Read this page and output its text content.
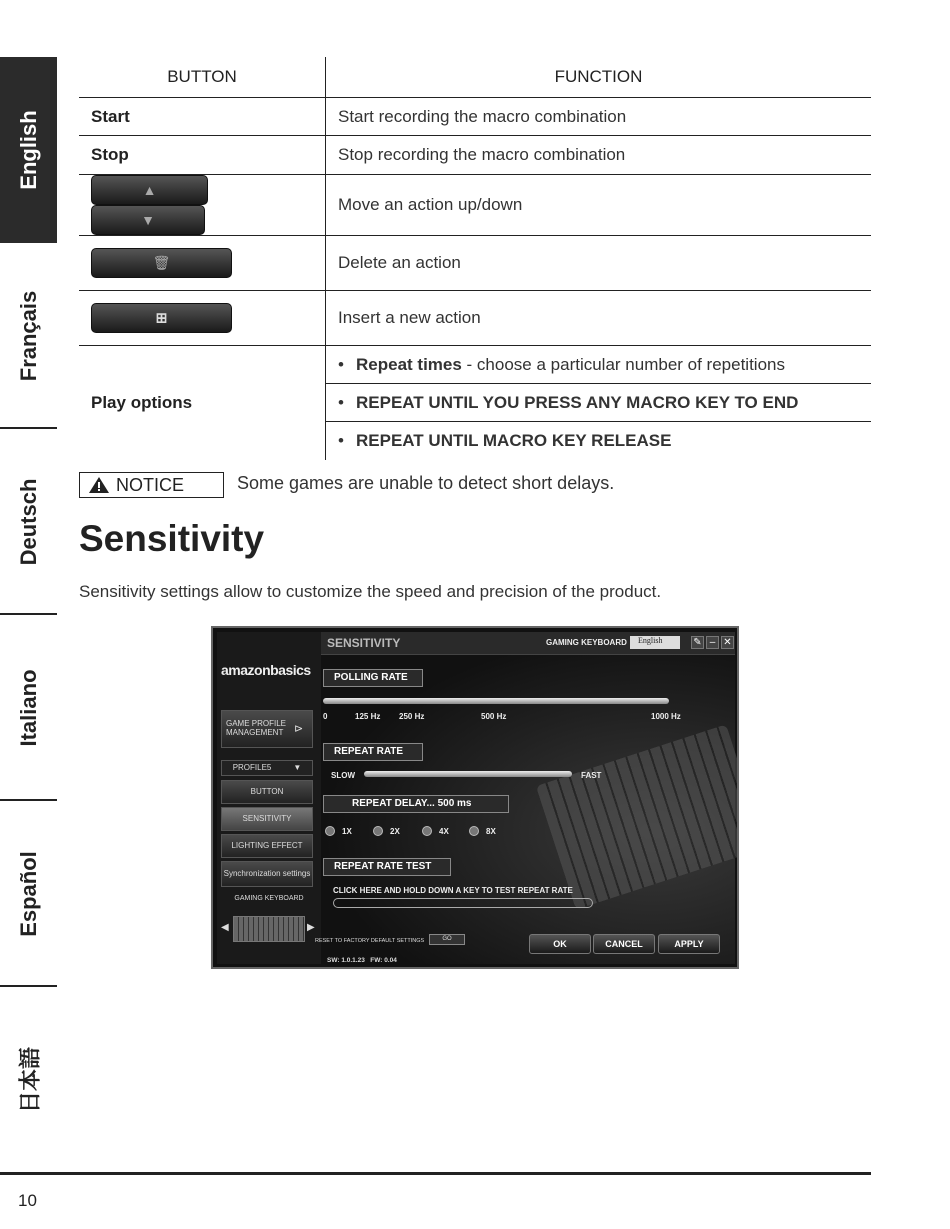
English
Français
Deutsch
Italiano
Español
日本語
BUTTON	FUNCTION
Start	Start recording the macro combination
Stop	Stop recording the macro combination

▲
▼	Move an action up/down

🗑	Delete an action

⊞	Insert a new action
Play options	• Repeat times - choose a particular number of repetitions
	• REPEAT UNTIL YOU PRESS ANY MACRO KEY TO END
	• REPEAT UNTIL MACRO KEY RELEASE
NOTICE	Some games are unable to detect short delays.
Sensitivity
Sensitivity settings allow to customize the speed and precision of the product.
amazonbasics
GAME PROFILE MANAGEMENT ⊳
PROFILE5	▼
BUTTON
SENSITIVITY
LIGHTING EFFECT
Synchronization settings
GAMING KEYBOARD
◀	▶
SENSITIVITY	GAMING KEYBOARD	English	✎ – ✕
POLLING RATE
0	125 Hz 250 Hz	500 Hz	1000 Hz
REPEAT RATE
SLOW	FAST
REPEAT DELAY... 500 ms
1X	2X	4X	8X
REPEAT RATE TEST
CLICK HERE AND HOLD DOWN A KEY TO TEST REPEAT RATE
RESET TO FACTORY DEFAULT SETTINGS	GO	OK	CANCEL	APPLY
SW: 1.0.1.23   FW: 0.04
10
